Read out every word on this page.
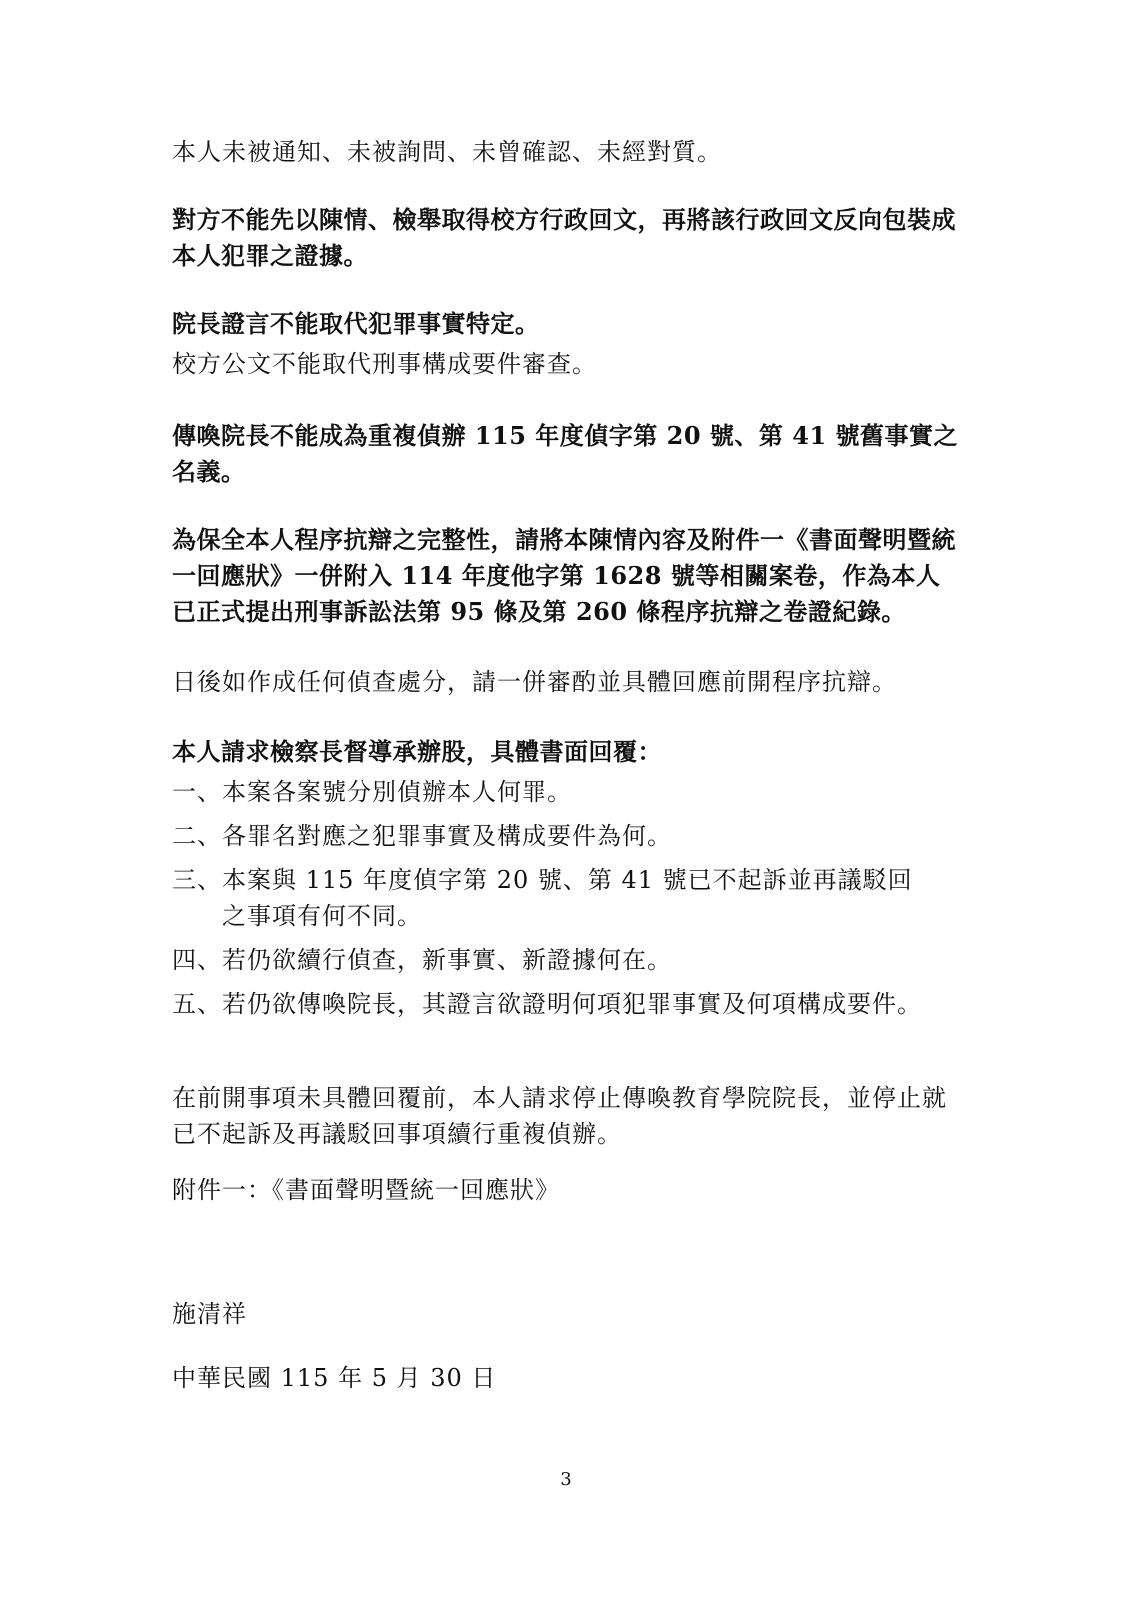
本人未被通知、未被詢問、未曾確認、未經對質。
對方不能先以陳情、檢舉取得校方行政回文，再將該行政回文反向包裝成本人犯罪之證據。
院長證言不能取代犯罪事實特定。
校方公文不能取代刑事構成要件審查。
傳喚院長不能成為重複偵辦 115 年度偵字第 20 號、第 41 號舊事實之名義。
為保全本人程序抗辯之完整性，請將本陳情內容及附件一《書面聲明暨統一回應狀》一併附入 114 年度他字第 1628 號等相關案卷，作為本人已正式提出刑事訴訟法第 95 條及第 260 條程序抗辯之卷證紀錄。
日後如作成任何偵查處分，請一併審酌並具體回應前開程序抗辯。
本人請求檢察長督導承辦股，具體書面回覆：
一、 本案各案號分別偵辦本人何罪。
二、 各罪名對應之犯罪事實及構成要件為何。
三、 本案與 115 年度偵字第 20 號、第 41 號已不起訴並再議駁回之事項有何不同。
四、 若仍欲續行偵查，新事實、新證據何在。
五、 若仍欲傳喚院長，其證言欲證明何項犯罪事實及何項構成要件。
在前開事項未具體回覆前，本人請求停止傳喚教育學院院長，並停止就已不起訴及再議駁回事項續行重複偵辦。
附件一：《書面聲明暨統一回應狀》
施清祥
中華民國 115 年 5 月 30 日
3
